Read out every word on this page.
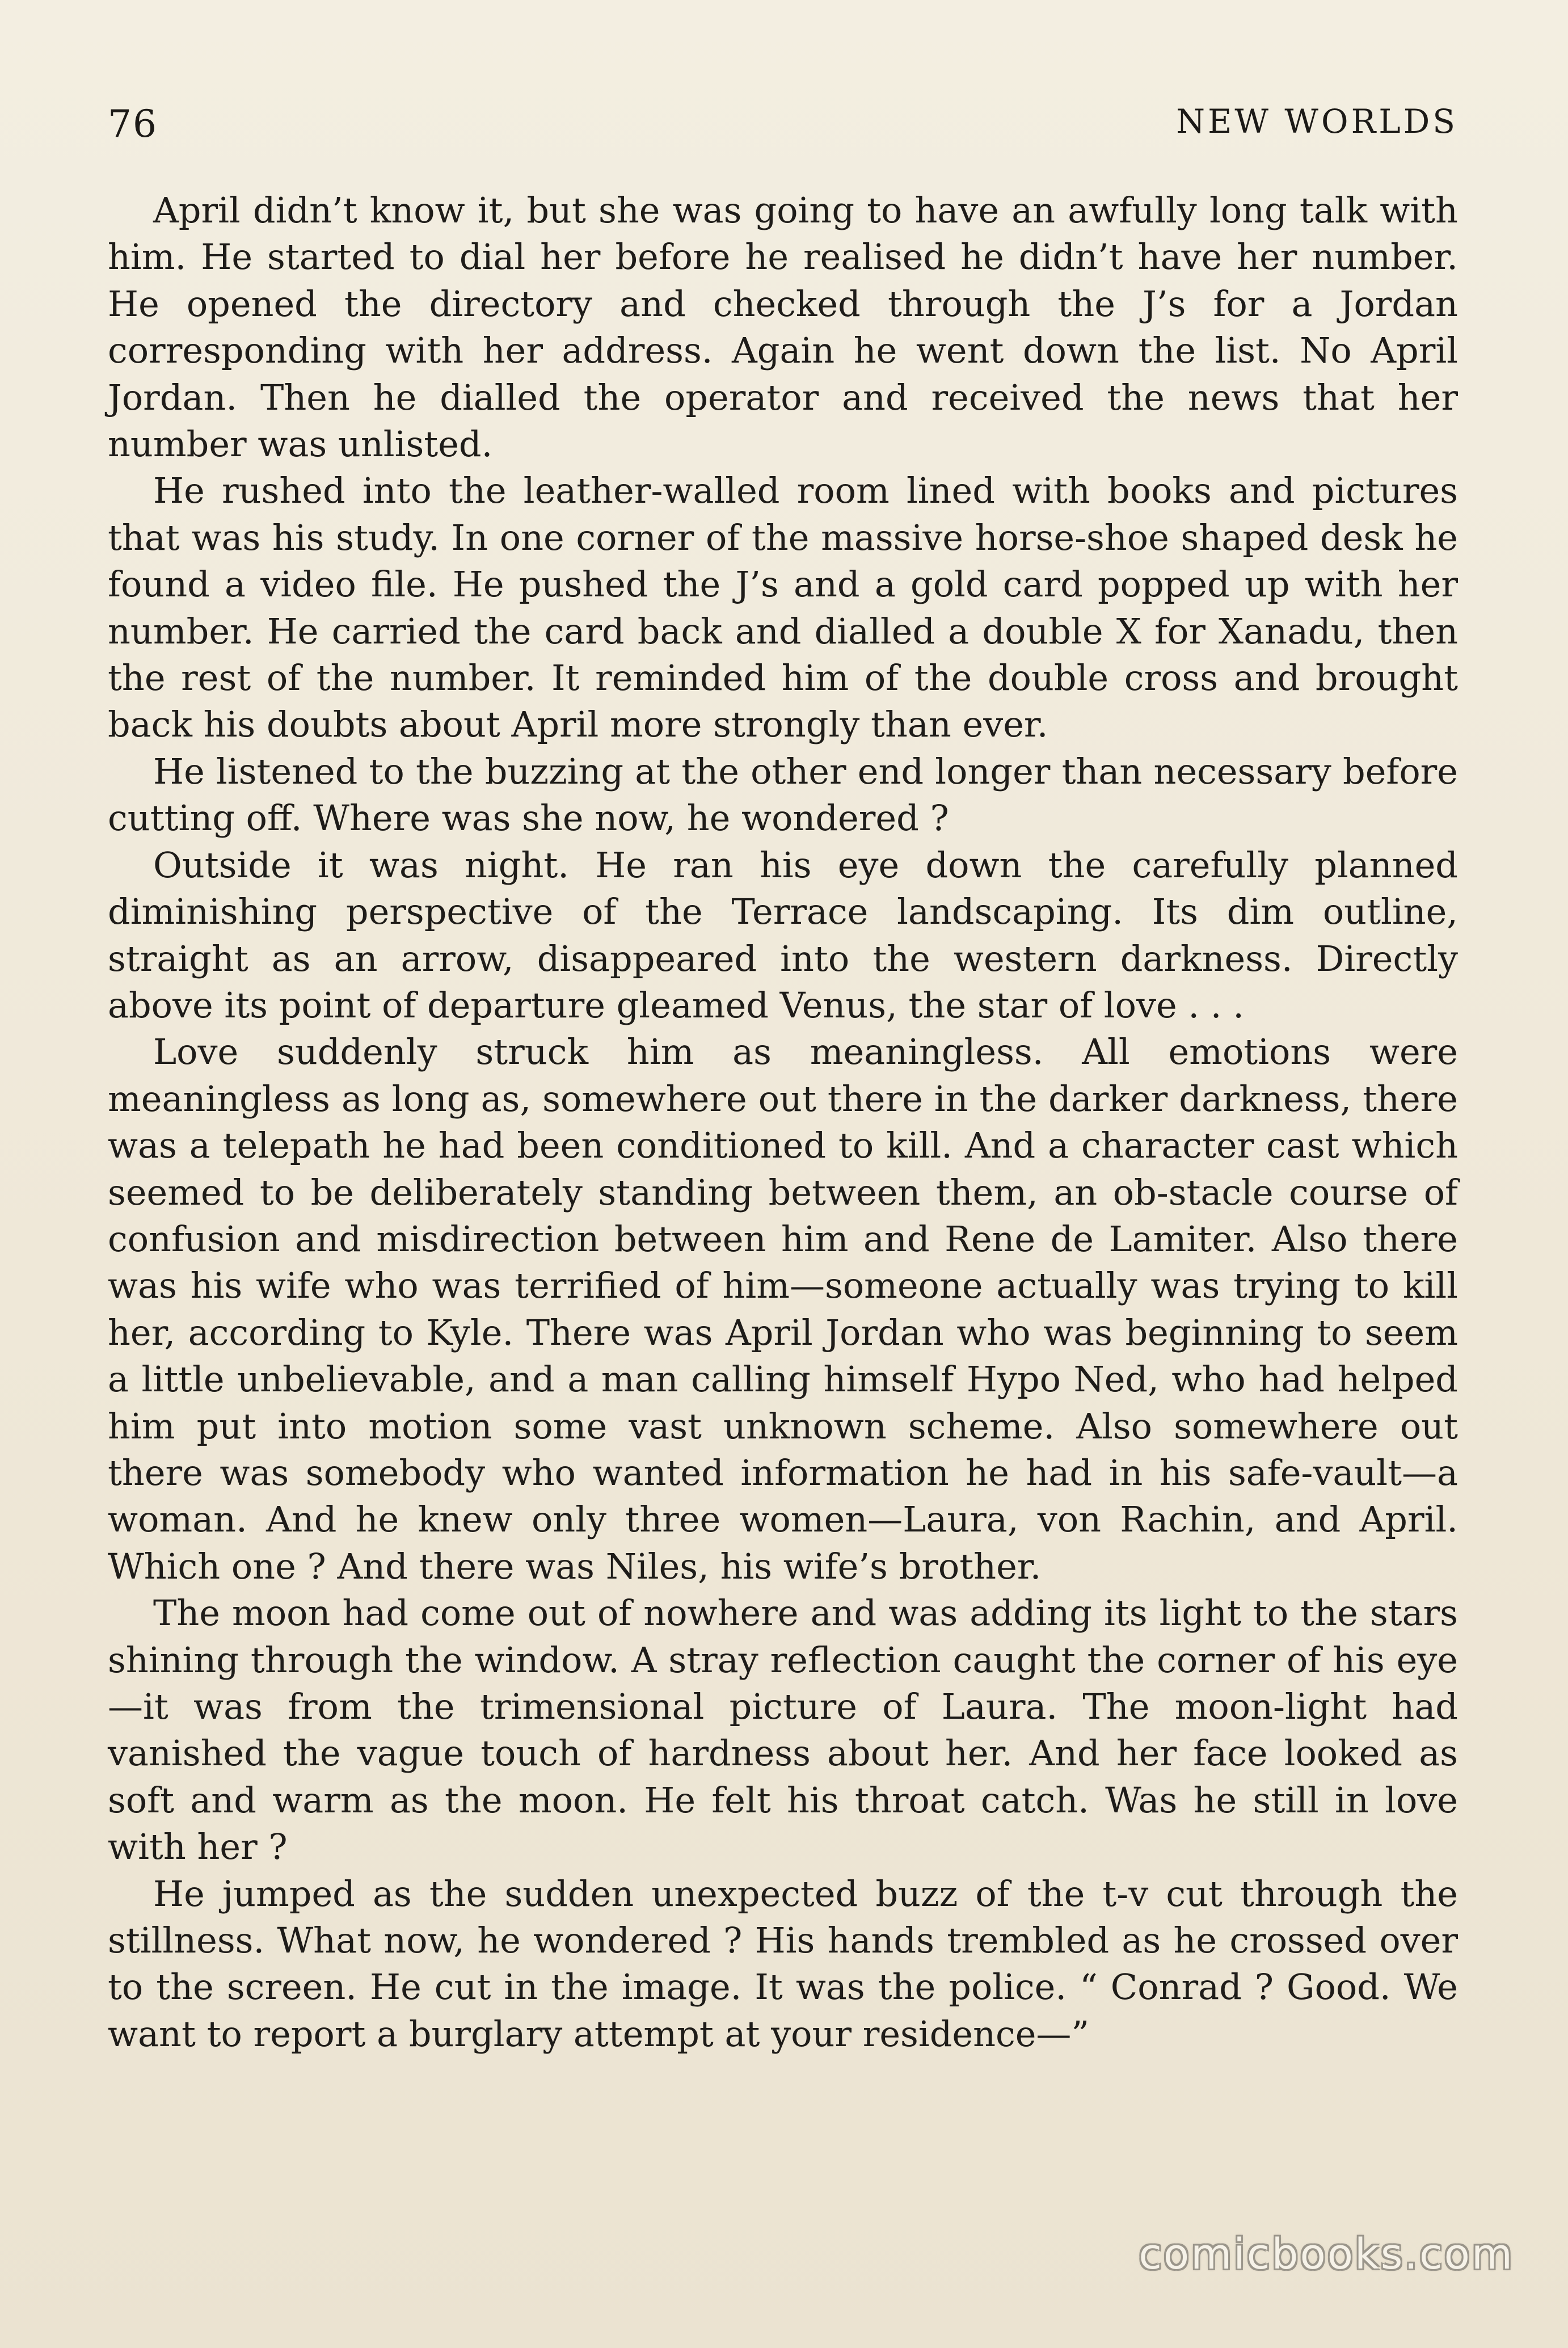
76	NEW WORLDS

April didn’t know it, but she was going to have an awfully long talk with him. He started to dial her before he realised he didn’t have her number. He opened the directory and checked through the J’s for a Jordan corresponding with her address. Again he went down the list. No April Jordan. Then he dialled the operator and received the news that her number was unlisted.

He rushed into the leather-walled room lined with books and pictures that was his study. In one corner of the massive horse-shoe shaped desk he found a video file. He pushed the J’s and a gold card popped up with her number. He carried the card back and dialled a double X for Xanadu, then the rest of the number. It reminded him of the double cross and brought back his doubts about April more strongly than ever.

He listened to the buzzing at the other end longer than necessary before cutting off. Where was she now, he wondered ?

Outside it was night. He ran his eye down the carefully planned diminishing perspective of the Terrace landscaping. Its dim outline, straight as an arrow, disappeared into the western darkness. Directly above its point of departure gleamed Venus, the star of love . . .

Love suddenly struck him as meaningless. All emotions were meaningless as long as, somewhere out there in the darker darkness, there was a telepath he had been conditioned to kill. And a character cast which seemed to be deliberately standing between them, an ob-stacle course of confusion and misdirection between him and Rene de Lamiter. Also there was his wife who was terrified of him—someone actually was trying to kill her, according to Kyle. There was April Jordan who was beginning to seem a little unbelievable, and a man calling himself Hypo Ned, who had helped him put into motion some vast unknown scheme. Also somewhere out there was somebody who wanted information he had in his safe-vault—a woman. And he knew only three women—Laura, von Rachin, and April. Which one ? And there was Niles, his wife’s brother.

The moon had come out of nowhere and was adding its light to the stars shining through the window. A stray reflection caught the corner of his eye—it was from the trimensional picture of Laura. The moon-light had vanished the vague touch of hardness about her. And her face looked as soft and warm as the moon. He felt his throat catch. Was he still in love with her ?

He jumped as the sudden unexpected buzz of the t-v cut through the stillness. What now, he wondered ? His hands trembled as he crossed over to the screen. He cut in the image. It was the police. “ Conrad ? Good. We want to report a burglary attempt at your residence—”

comicbooks.com
